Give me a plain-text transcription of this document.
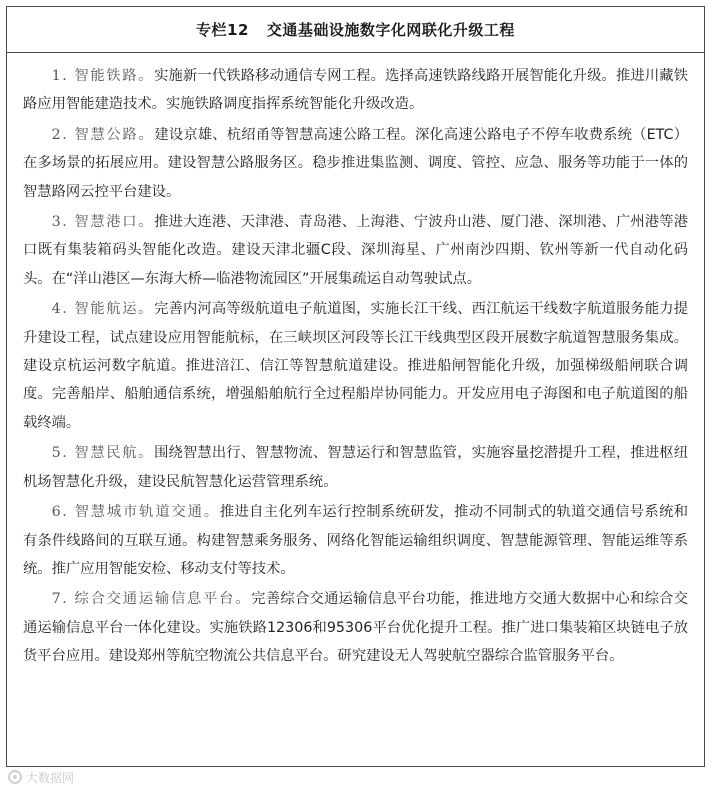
专栏12 交通基础设施数字化网联化升级工程

1. 智能铁路。实施新一代铁路移动通信专网工程。选择高速铁路线路开展智能化升级。推进川藏铁路应用智能建造技术。实施铁路调度指挥系统智能化升级改造。

2. 智慧公路。建设京雄、杭绍甬等智慧高速公路工程。深化高速公路电子不停车收费系统（ETC）在多场景的拓展应用。建设智慧公路服务区。稳步推进集监测、调度、管控、应急、服务等功能于一体的智慧路网云控平台建设。

3. 智慧港口。推进大连港、天津港、青岛港、上海港、宁波舟山港、厦门港、深圳港、广州港等港口既有集装箱码头智能化改造。建设天津北疆C段、深圳海星、广州南沙四期、钦州等新一代自动化码头。在“洋山港区—东海大桥—临港物流园区”开展集疏运自动驾驶试点。

4. 智能航运。完善内河高等级航道电子航道图，实施长江干线、西江航运干线数字航道服务能力提升建设工程，试点建设应用智能航标，在三峡坝区河段等长江干线典型区段开展数字航道智慧服务集成。建设京杭运河数字航道。推进涪江、信江等智慧航道建设。推进船闸智能化升级，加强梯级船闸联合调度。完善船岸、船舶通信系统，增强船舶航行全过程船岸协同能力。开发应用电子海图和电子航道图的船载终端。

5. 智慧民航。围绕智慧出行、智慧物流、智慧运行和智慧监管，实施容量挖潜提升工程，推进枢纽机场智慧化升级，建设民航智慧化运营管理系统。

6. 智慧城市轨道交通。推进自主化列车运行控制系统研发，推动不同制式的轨道交通信号系统和有条件线路间的互联互通。构建智慧乘务服务、网络化智能运输组织调度、智慧能源管理、智能运维等系统。推广应用智能安检、移动支付等技术。

7. 综合交通运输信息平台。完善综合交通运输信息平台功能，推进地方交通大数据中心和综合交通运输信息平台一体化建设。实施铁路12306和95306平台优化提升工程。推广进口集装箱区块链电子放货平台应用。建设郑州等航空物流公共信息平台。研究建设无人驾驶航空器综合监管服务平台。

大数据网
